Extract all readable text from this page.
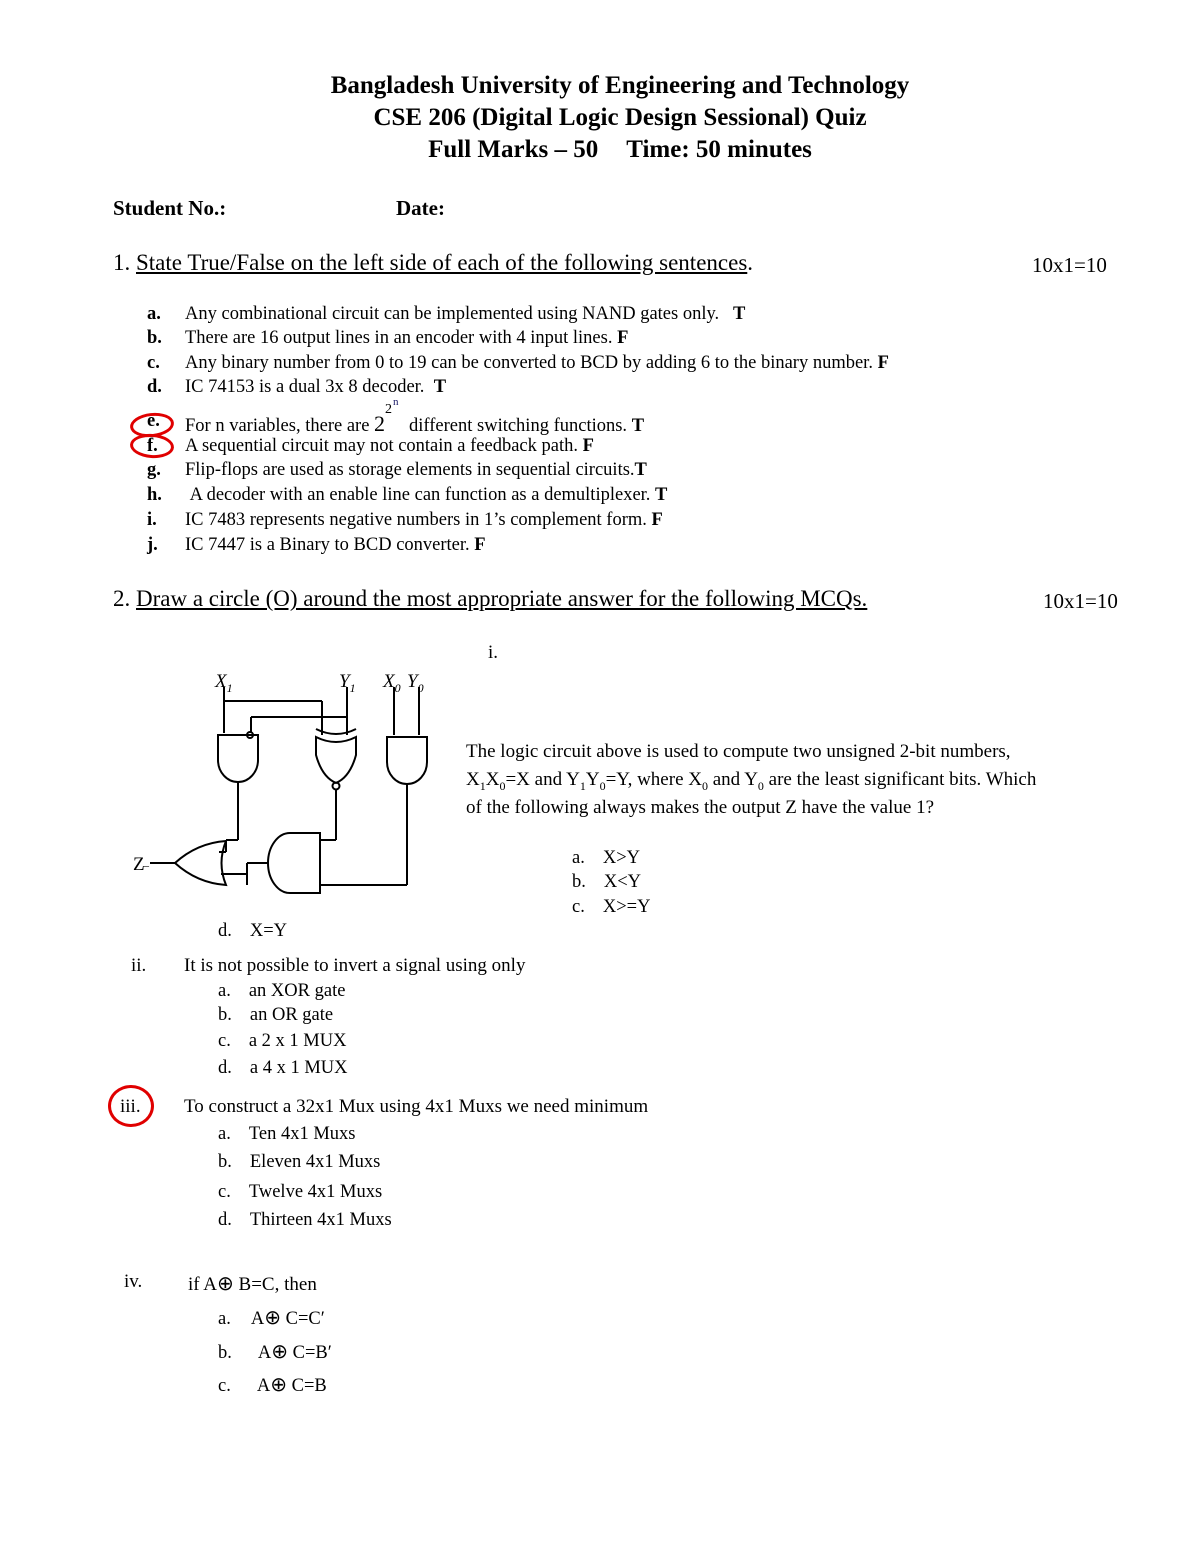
Bangladesh University of Engineering and Technology
CSE 206 (Digital Logic Design Sessional) Quiz
Full Marks – 50 Time: 50 minutes
Student No.:	Date:
1. State True/False on the left side of each of the following sentences.	10x1=10
a. Any combinational circuit can be implemented using NAND gates only. T
b. There are 16 output lines in an encoder with 4 input lines. F
c. Any binary number from 0 to 19 can be converted to BCD by adding 6 to the binary number. F
d. IC 74153 is a dual 3x 8 decoder. T
e. For n variables, there are 2
2 n
different switching functions. T
f. A sequential circuit may not contain a feedback path. F
g. Flip-flops are used as storage elements in sequential circuits.T
h. A decoder with an enable line can function as a demultiplexer. T
i. IC 7483 represents negative numbers in 1’s complement form. F
j. IC 7447 is a Binary to BCD converter. F
2. Draw a circle (O) around the most appropriate answer for the following MCQs.	10x1=10
i.
$X_1$	$Y_1$ $X_0$ $Y_0$
Z
–
The logic circuit above is used to compute two unsigned 2-bit numbers,
$X_1X_0=X$ and $Y_1Y_0=Y$, where $X_0$ and $Y_0$ are the least significant bits. Which
of the following always makes the output Z have the value 1?
a. X>Y
b. X<Y
c. X>=Y
d. X=Y
ii. It is not possible to invert a signal using only
a. an XOR gate
b. an OR gate
c. a 2 x 1 MUX
d. a 4 x 1 MUX
iii. To construct a 32x1 Mux using 4x1 Muxs we need minimum
a. Ten 4x1 Muxs
b. Eleven 4x1 Muxs
c. Twelve 4x1 Muxs
d. Thirteen 4x1 Muxs
iv. if A⊕ B=C, then
a. A⊕ C=C′
b. A⊕ C=B′
c. A⊕ C=B
